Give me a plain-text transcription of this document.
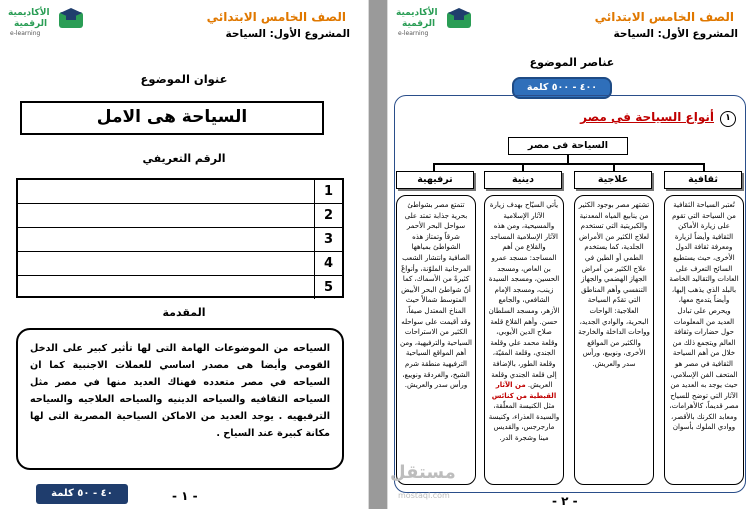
الصف الخامس الابتدائي
المشروع الأول: السياحة
الأكاديمية
الرقمية
e-learning
عنوان الموضوع
السياحة هى الامل
الرقم التعريفي
1
2
3
4
5
المقدمة
السياحه من الموضوعات الهامة التى لها تأثير كبير على الدخل القومي وأيضا هى مصدر اساسي للعملات الاجنبية كما ان السياحه في مصر متعدده فهناك العديد منها في مصر مثل السياحه الثقافيه والسياحه الدينيه والسياحه العلاجيه والسياحه الترفيهيه . يوجد العديد من الاماكن السياحية المصرية التى لها مكانة كبيرة عند السياح .
٤٠ - ٥٠ كلمة	- ١ -
الصف الخامس الابتدائي
المشروع الأول: السياحة
الأكاديمية
الرقمية
e-learning
عناصر الموضوع
٤٠٠ - ٥٠٠ كلمة
١
أنواع السياحة في مصر
السياحة فى مصر
ثقافية
علاجية
دينية
ترفيهية
تُعتبر السياحة الثقافية من السياحة التي تقوم على زيارة الأماكن الثقافية وأيضاً لزيارة ومعرفة ثقافة الدول الأخرى، حيث يستطيع السائح التعرف على العادات والتقاليد الخاصة بالبلد الذي يذهب إليها، وأيضاً يتدمج معها، ويحرص على تبادل العديد من المعلومات حول حضارات وثقافة العالم ويتجمع ذلك من خلال من أهم السياحة الثقافية في مصر هو المتحف الفن الإسلامي، حيث يوجد به العديد من الآثار التي توضح للسياح مصر قديماً، كالأهرامات، ومعابد الكرنك بالأقصر، ووادي الملوك بأسوان
تشتهر مصر بوجود الكثير من ينابيع المياه المعدنية والكبريتية التي تستخدم لعلاج الكثير من الأمراض الجلدية، كما يستخدم الطمي أو الطين في علاج الكثير من أمراض الجهاز الهضمي والجهاز التنفسي وأهم المناطق التي تقدّم السياحة العلاجية: الواحات البحرية، والوادي الجديد، وواحات الداخلة والخارجة والكثير من المواقع الأخرى، ونويبع، ورأس سدر والعريش.
يأتي السيّاح بهدف زيارة الآثار الإسلامية والمسيحية، ومن هذه الآثار الإسلامية المساجد والقلاع من أهم المساجد: مسجد عمرو بن العاص، ومسجد الحسين، ومسجد السيدة زينب، ومسجد الإمام الشافعي، والجامع الأزهر، ومسجد السلطان حسن. وأهم القلاع قلعة صلاح الدين الأيوبي، وقلعة محمد علي وقلعة الجندي، وقلعة المقيّة، وقلعة الطور، بالإضافة إلى قلعة الجندي وقلعة العريش. من الآثار القبطية من كنائس مثل الكنيسة المعلّقة، والسيدة العذراء، وكنيسة مارجرجس، والقديس مينا وشجرة الدر.
تتمتع مصر بشواطئ بحرية جذابة تمتد على سواحل البحر الأحمر شرقاً وتمتاز هذه الشواطئ بمياهها الصافية وانتشار الشعب المرجانية الملوّنة، وأنواعٌ كثيرةٌ من الأسماك، كما أنّ شواطئ البحر الأبيض المتوسط شمالاً حيث المناخ المعتدل صيفاً، وقد أقيمت على سواحله الكثير من الاستراحات السياحية والترفيهية، ومن أهم المواقع السياحية الترفيهية منطقة شرم الشيخ، والغردقة ونويبع، ورأس سدر والعريش.
- ٢ -
مستقل
mostaql.com
